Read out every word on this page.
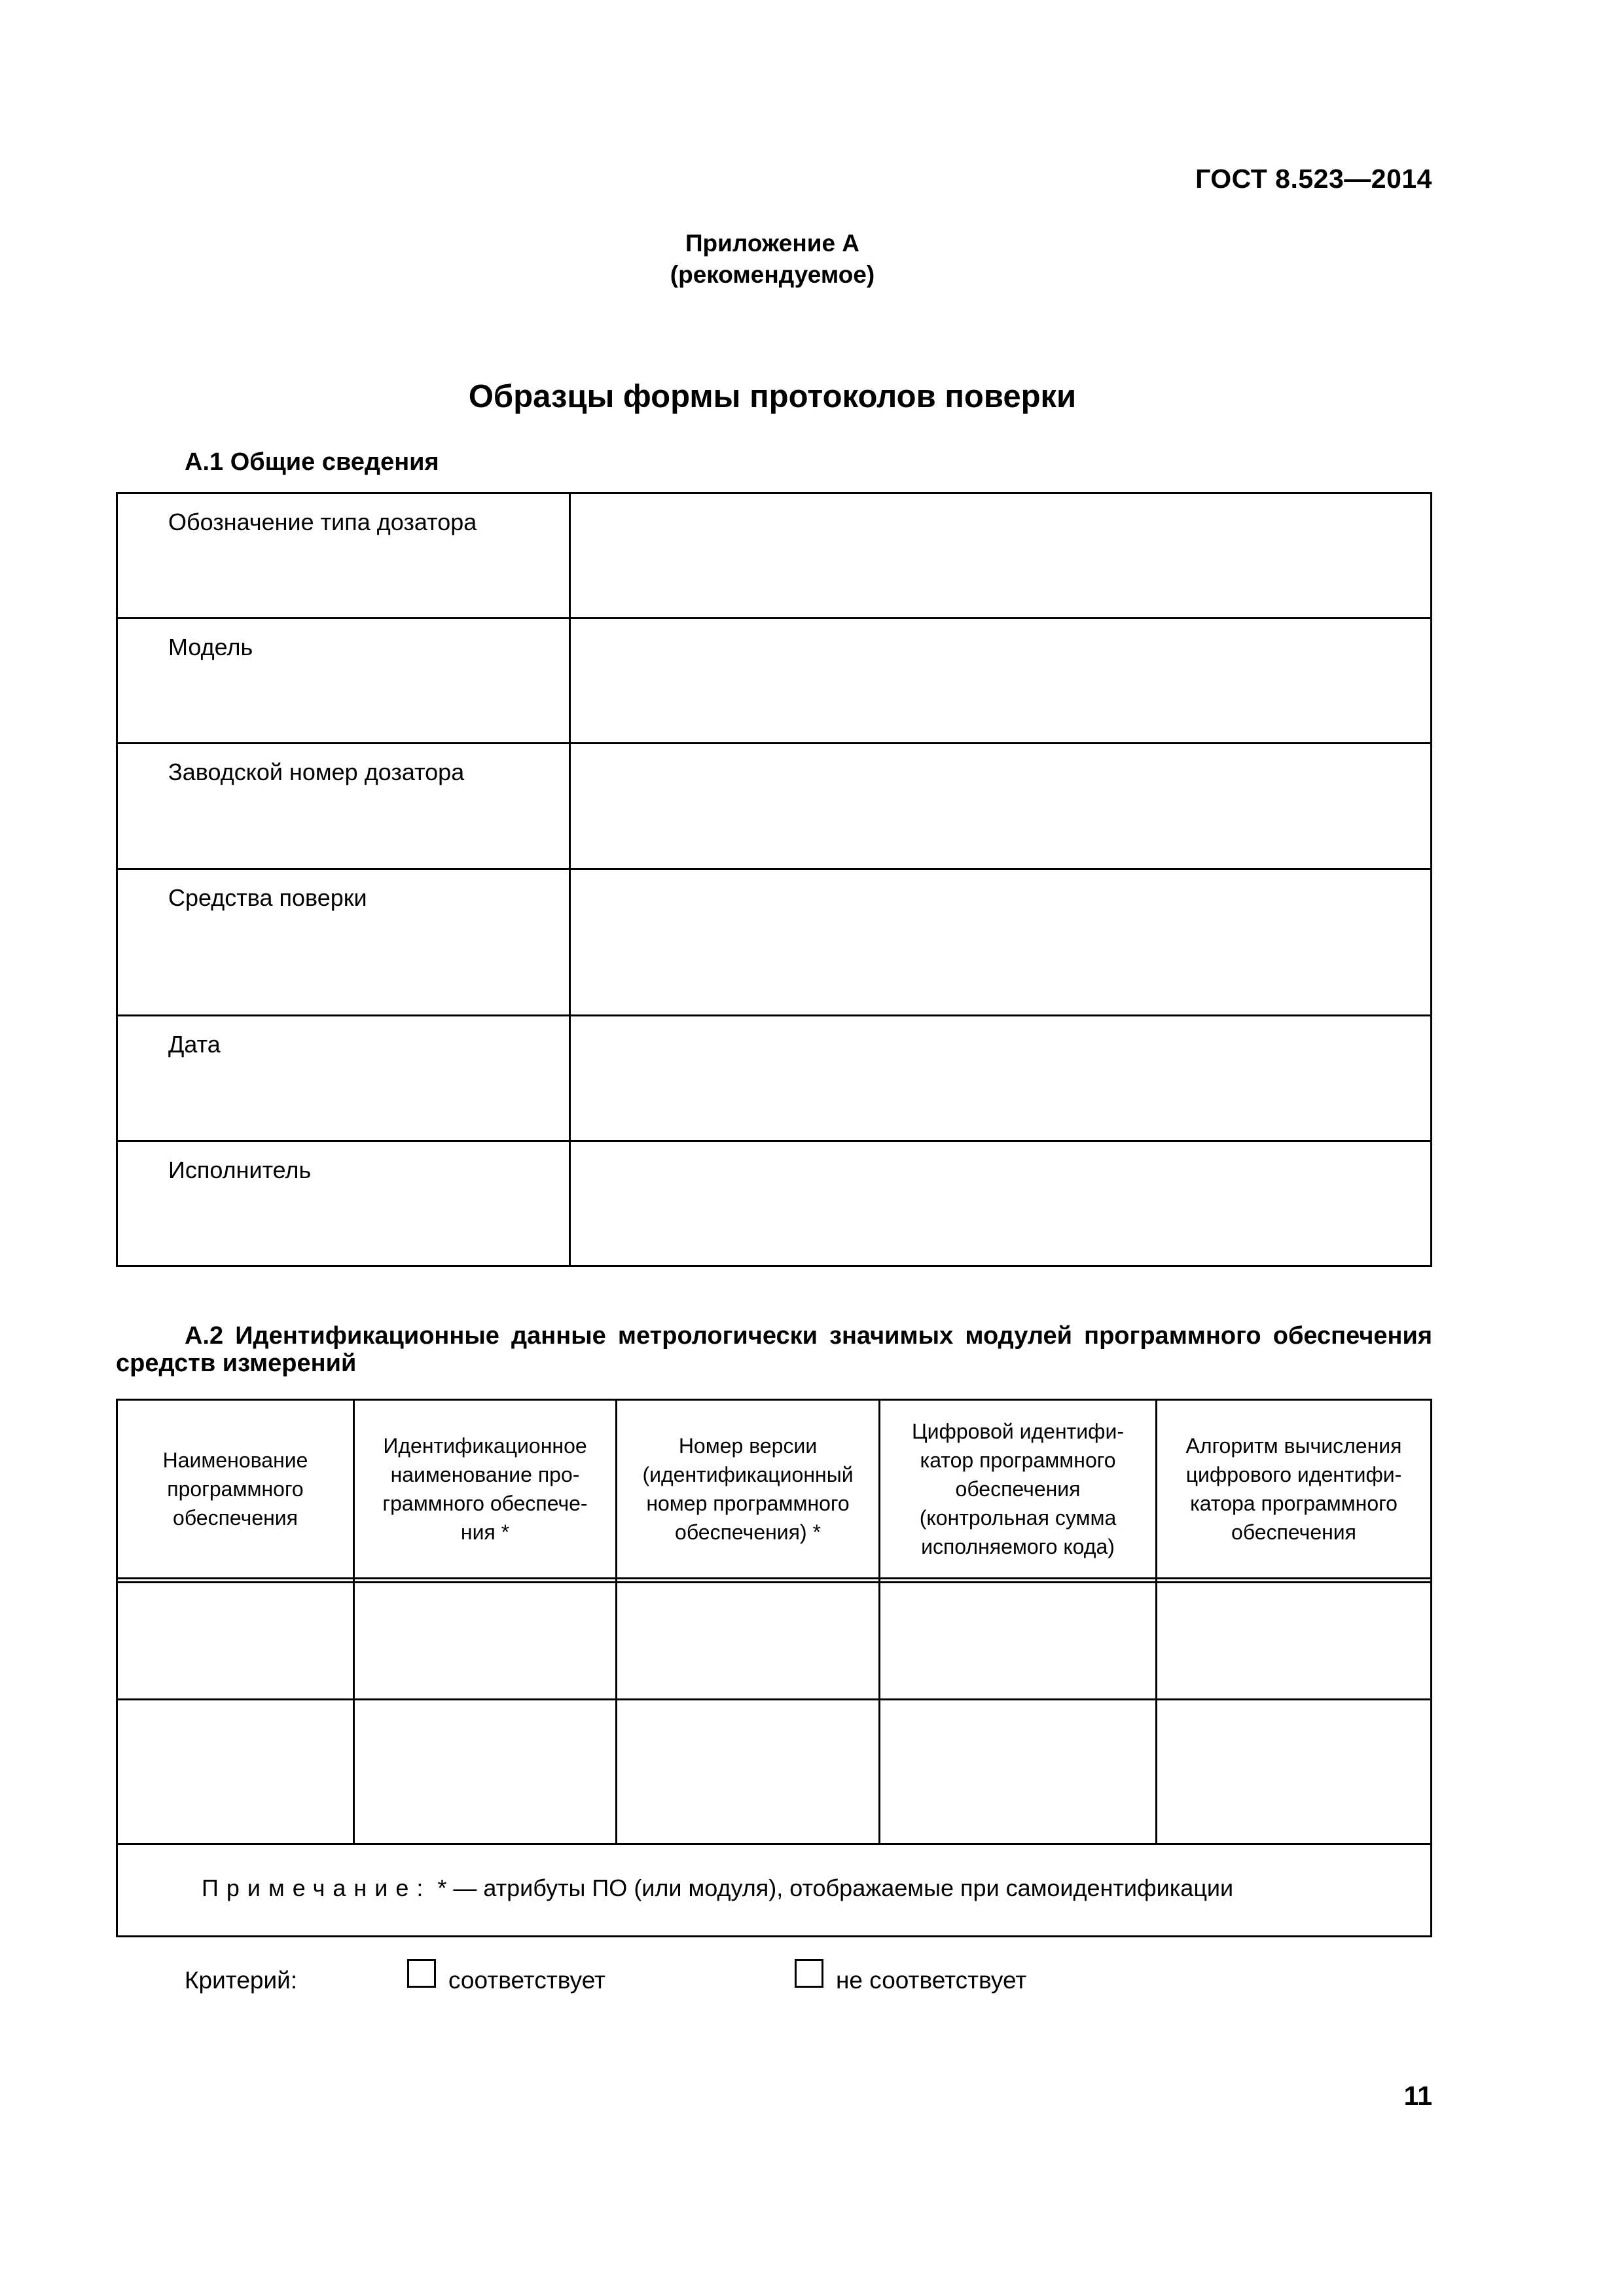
ГОСТ 8.523—2014
Приложение А
(рекомендуемое)
Образцы формы протоколов поверки
А.1 Общие сведения
Обозначение типа дозатора
Модель
Заводской номер дозатора
Средства поверки
Дата
Исполнитель
А.2 Идентификационные данные метрологически значимых модулей программного обеспечения средств измерений
Наименование программного обеспечения
Идентификационное наименование про-граммного обеспече-ния *
Номер версии (идентификационный номер программного обеспечения) *
Цифровой идентифи-катор программного обеспечения (контрольная сумма исполняемого кода)
Алгоритм вычисления цифрового идентифи-катора программного обеспечения
Примечание: * — атрибуты ПО (или модуля), отображаемые при самоидентификации
Критерий:	соответствует	не соответствует
11
